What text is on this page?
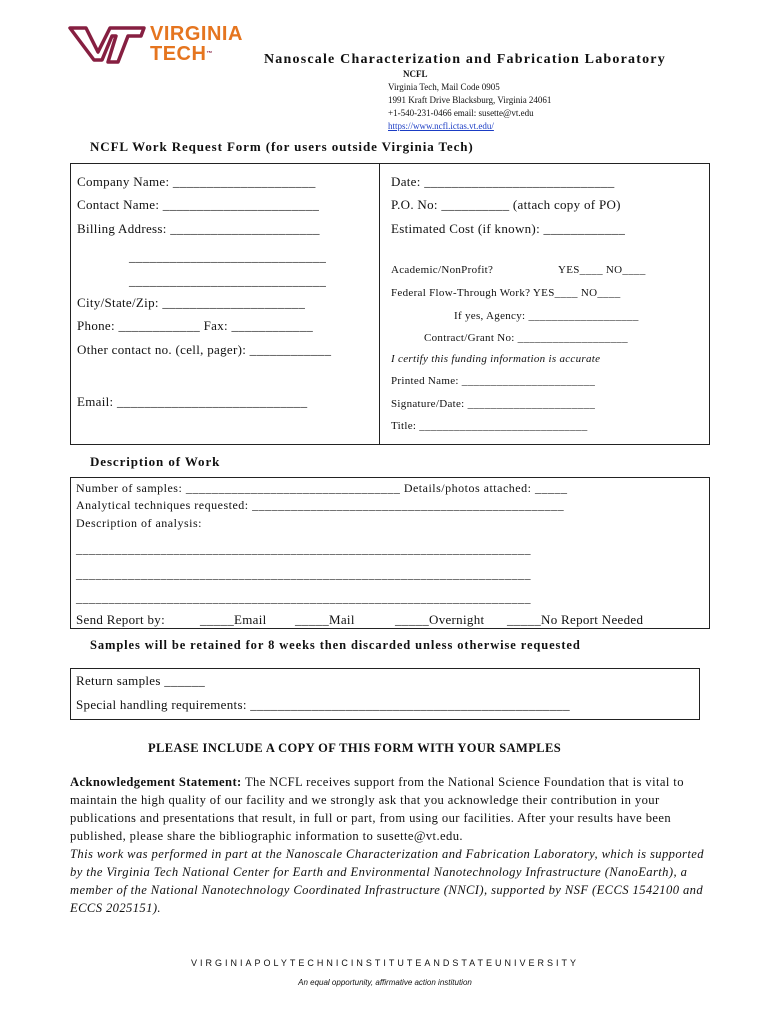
VIRGINIA
TECH™	Nanoscale Characterization and Fabrication Laboratory
NCFL
Virginia Tech, Mail Code 0905
1991 Kraft Drive Blacksburg, Virginia 24061
+1-540-231-0466 email: susette@vt.edu
https://www.ncfl.ictas.vt.edu/
NCFL Work Request Form (for users outside Virginia Tech)
Company Name: _____________________
Contact Name: _______________________
Billing Address: ______________________
_____________________________
_____________________________
City/State/Zip: _____________________
Phone: ____________ Fax: ____________
Other contact no. (cell, pager): ____________
Email: ____________________________
Date: ____________________________
P.O. No: __________ (attach copy of PO)
Estimated Cost (if known): ____________
Academic/NonProfit?	YES____ NO____
Federal Flow-Through Work? YES____ NO____
If yes, Agency: ___________________
Contract/Grant No: ___________________
I certify this funding information is accurate
Printed Name: _______________________
Signature/Date: ______________________
Title: _____________________________
Description of Work
Number of samples: _________________________________ Details/photos attached: _____
Analytical techniques requested: ________________________________________________
Description of analysis:
______________________________________________________________________
______________________________________________________________________
______________________________________________________________________
Send Report by:	_____Email _____Mail	_____Overnight _____No Report Needed
Samples will be retained for 8 weeks then discarded unless otherwise requested
Return samples ______
Special handling requirements: _______________________________________________
PLEASE INCLUDE A COPY OF THIS FORM WITH YOUR SAMPLES
Acknowledgement Statement: The NCFL receives support from the National Science Foundation that is vital to maintain the high quality of our facility and we strongly ask that you acknowledge their contribution in your publications and presentations that result, in full or part, from using our facilities. After your results have been published, please share the bibliographic information to susette@vt.edu.
This work was performed in part at the Nanoscale Characterization and Fabrication Laboratory, which is supported by the Virginia Tech National Center for Earth and Environmental Nanotechnology Infrastructure (NanoEarth), a member of the National Nanotechnology Coordinated Infrastructure (NNCI), supported by NSF (ECCS 1542100 and ECCS 2025151).
VIRGINIAPOLYTECHNICINSTITUTEANDSTATEUNIVERSITY
An equal opportunity, affirmative action institution
